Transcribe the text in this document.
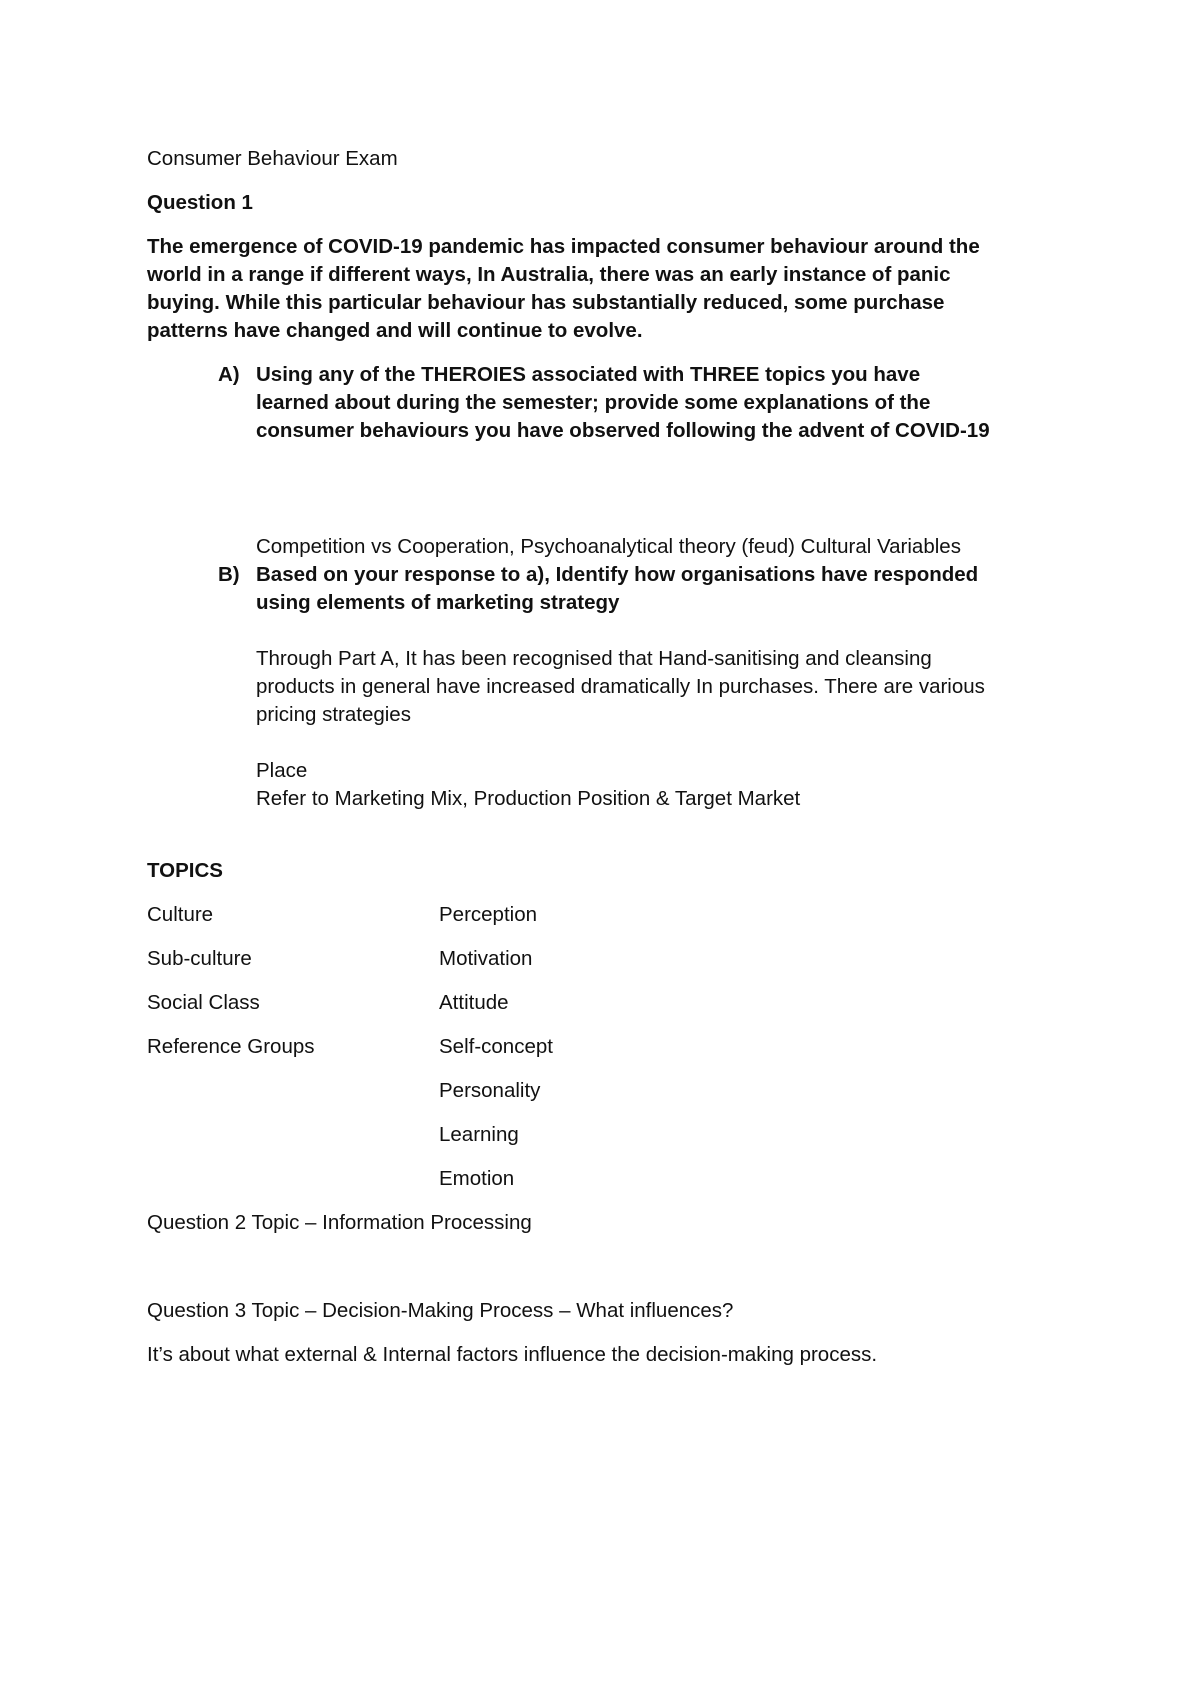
Consumer Behaviour Exam
Question 1
The emergence of COVID-19 pandemic has impacted consumer behaviour around the
world in a range if different ways, In Australia, there was an early instance of panic
buying. While this particular behaviour has substantially reduced, some purchase
patterns have changed and will continue to evolve.
A) Using any of the THEROIES associated with THREE topics you have
learned about during the semester; provide some explanations of the
consumer behaviours you have observed following the advent of COVID-19
Competition vs Cooperation, Psychoanalytical theory (feud) Cultural Variables
B) Based on your response to a), Identify how organisations have responded
using elements of marketing strategy
Through Part A, It has been recognised that Hand-sanitising and cleansing
products in general have increased dramatically In purchases. There are various
pricing strategies
Place
Refer to Marketing Mix, Production Position & Target Market
TOPICS
Culture
Sub-culture
Social Class
Reference Groups
Perception
Motivation
Attitude
Self-concept
Personality
Learning
Emotion
Question 2 Topic – Information Processing
Question 3 Topic – Decision-Making Process – What influences?
It’s about what external & Internal factors influence the decision-making process.
